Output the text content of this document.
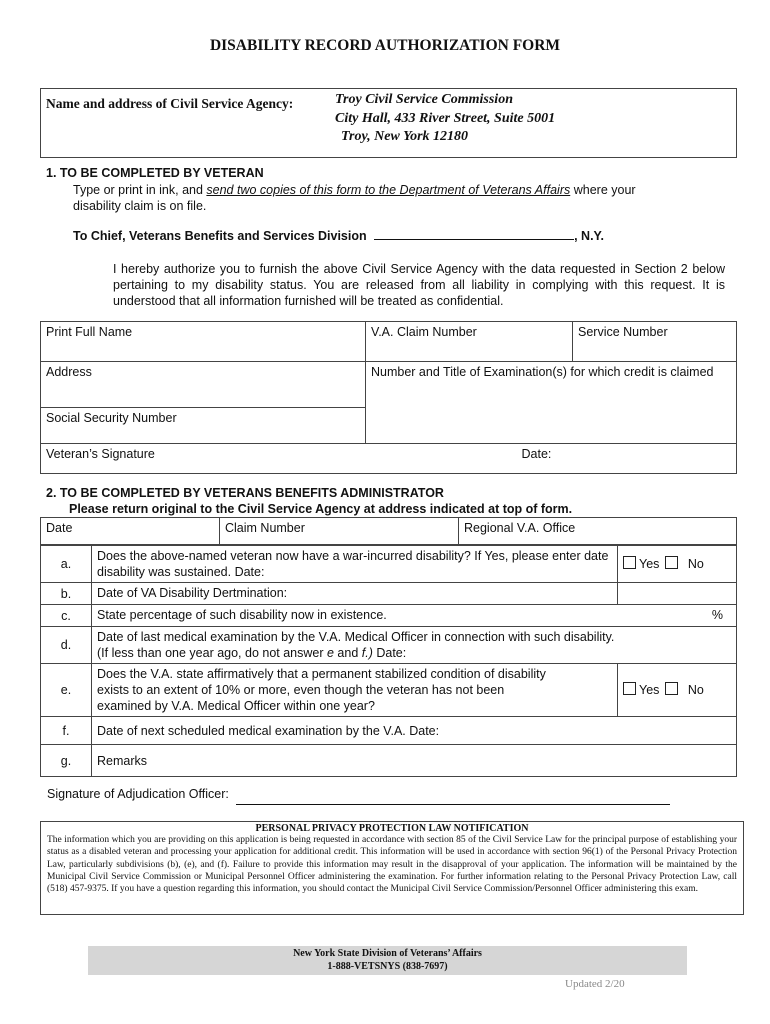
DISABILITY RECORD AUTHORIZATION FORM
Name and address of Civil Service Agency:	Troy Civil Service Commission
City Hall, 433 River Street, Suite 5001
Troy, New York 12180
1. TO BE COMPLETED BY VETERAN
Type or print in ink, and send two copies of this form to the Department of Veterans Affairs where your
disability claim is on file.
To Chief, Veterans Benefits and Services Division	, N.Y.
I hereby authorize you to furnish the above Civil Service Agency with the data requested in Section 2 below pertaining to my disability status. You are released from all liability in complying with this request. It is understood that all information furnished will be treated as confidential.
Print Full Name	V.A. Claim Number	Service Number
Address	Number and Title of Examination(s) for which credit is claimed	
Social Security Number		
Veteran’s Signature Date:		
2. TO BE COMPLETED BY VETERANS BENEFITS ADMINISTRATOR
Please return original to the Civil Service Agency at address indicated at top of form.
Date	Claim Number	Regional V.A. Office
a.	Does the above-named veteran now have a war-incurred disability? If Yes, please enter date disability was sustained. Date:	Yes No
b.	Date of VA Disability Dertmination:	
c.	State percentage of such disability now in existence. %	

d.	Date of last medical examination by the V.A. Medical Officer in connection with such disability.
(If less than one year ago, do not answer e and f.) Date:	
e.	Does the V.A. state affirmatively that a permanent stabilized condition of disability exists to an extent of 10% or more, even though the veteran has not been examined by V.A. Medical Officer within one year?	Yes No
f.	Date of next scheduled medical examination by the V.A. Date:	
g.	Remarks	
Signature of Adjudication Officer:
PERSONAL PRIVACY PROTECTION LAW NOTIFICATION
The information which you are providing on this application is being requested in accordance with section 85 of the Civil Service Law for the principal purpose of establishing your status as a disabled veteran and processing your application for additional credit. This information will be used in accordance with section 96(1) of the Personal Privacy Protection Law, particularly subdivisions (b), (e), and (f). Failure to provide this information may result in the disapproval of your application. The information will be maintained by the Municipal Civil Service Commission or Municipal Personnel Officer administering the examination. For further information relating to the Personal Privacy Protection Law, call (518) 457-9375. If you have a question regarding this information, you should contact the Municipal Civil Service Commission/Personnel Officer administering this exam.
New York State Division of Veterans’ Affairs
1-888-VETSNYS (838-7697)
Updated 2/20
